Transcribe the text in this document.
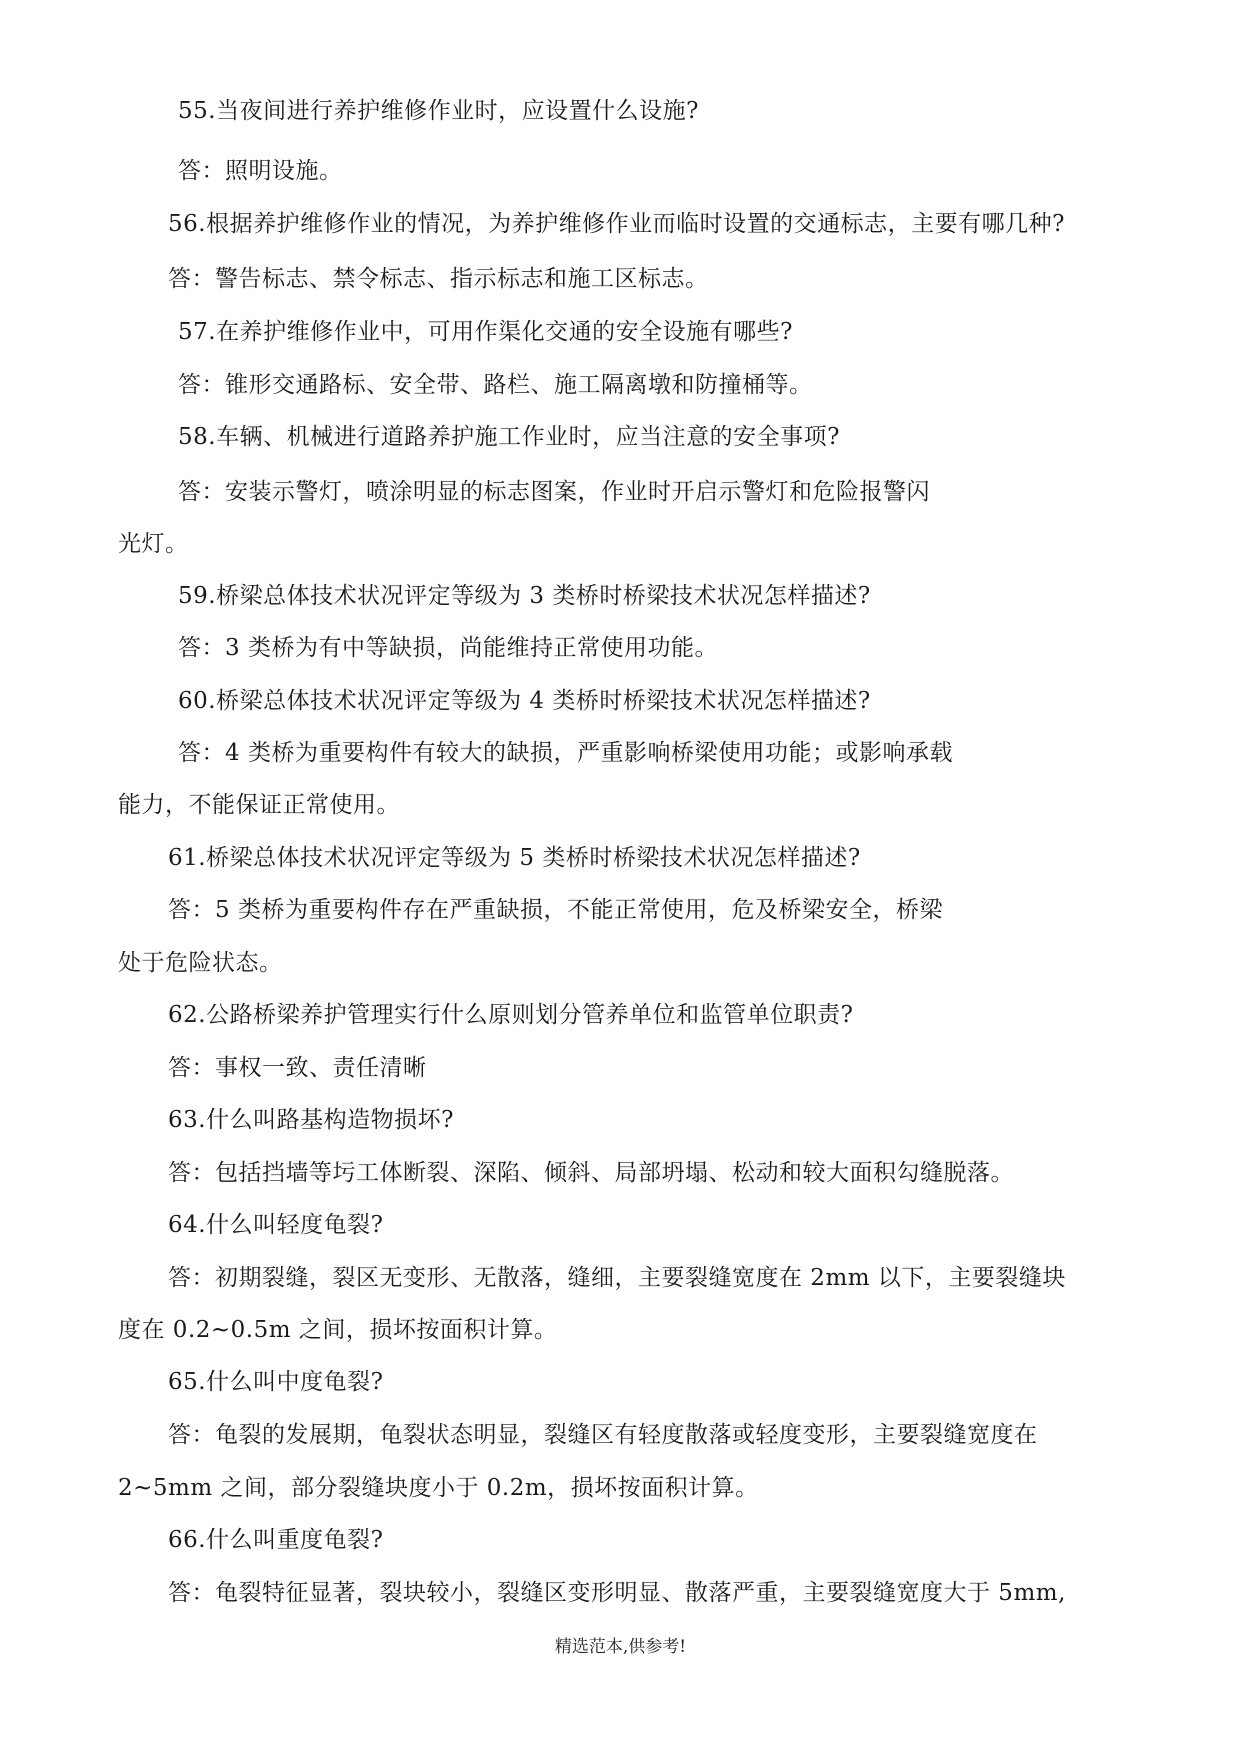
55.当夜间进行养护维修作业时，应设置什么设施?
答：照明设施。
56.根据养护维修作业的情况，为养护维修作业而临时设置的交通标志，主要有哪几种?
答：警告标志、禁令标志、指示标志和施工区标志。
57.在养护维修作业中，可用作渠化交通的安全设施有哪些?
答：锥形交通路标、安全带、路栏、施工隔离墩和防撞桶等。
58.车辆、机械进行道路养护施工作业时，应当注意的安全事项?
答：安装示警灯，喷涂明显的标志图案，作业时开启示警灯和危险报警闪
光灯。
59.桥梁总体技术状况评定等级为 3 类桥时桥梁技术状况怎样描述?
答：3 类桥为有中等缺损，尚能维持正常使用功能。
60.桥梁总体技术状况评定等级为 4 类桥时桥梁技术状况怎样描述?
答：4 类桥为重要构件有较大的缺损，严重影响桥梁使用功能；或影响承载
能力，不能保证正常使用。
61.桥梁总体技术状况评定等级为 5 类桥时桥梁技术状况怎样描述?
答：5 类桥为重要构件存在严重缺损，不能正常使用，危及桥梁安全，桥梁
处于危险状态。
62.公路桥梁养护管理实行什么原则划分管养单位和监管单位职责?
答：事权一致、责任清晰
63.什么叫路基构造物损坏?
答：包括挡墙等圬工体断裂、深陷、倾斜、局部坍塌、松动和较大面积勾缝脱落。
64.什么叫轻度龟裂?
答：初期裂缝，裂区无变形、无散落，缝细，主要裂缝宽度在 2mm 以下，主要裂缝块
度在 0.2~0.5m 之间，损坏按面积计算。
65.什么叫中度龟裂?
答：龟裂的发展期，龟裂状态明显，裂缝区有轻度散落或轻度变形，主要裂缝宽度在
2~5mm 之间，部分裂缝块度小于 0.2m，损坏按面积计算。
66.什么叫重度龟裂?
答：龟裂特征显著，裂块较小，裂缝区变形明显、散落严重，主要裂缝宽度大于 5mm,
精选范本,供参考!
